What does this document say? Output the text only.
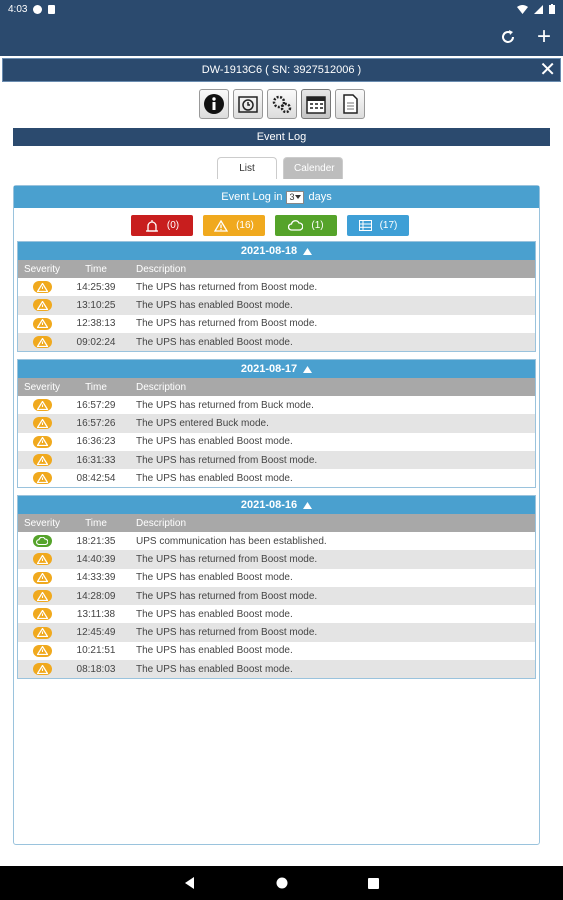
4:03
+
DW-1913C6 ( SN: 3927512006 )	✕
Event Log
List	Calender
Event Log in 3 days
(0)	(16)	(1)	(17)
2021-08-18
Severity	Time	Description
14:25:39	The UPS has returned from Boost mode.
13:10:25	The UPS has enabled Boost mode.
12:38:13	The UPS has returned from Boost mode.
09:02:24	The UPS has enabled Boost mode.
2021-08-17
Severity	Time	Description
16:57:29	The UPS has returned from Buck mode.
16:57:26	The UPS entered Buck mode.
16:36:23	The UPS has enabled Boost mode.
16:31:33	The UPS has returned from Boost mode.
08:42:54	The UPS has enabled Boost mode.
2021-08-16
Severity	Time	Description
18:21:35	UPS communication has been established.
14:40:39	The UPS has returned from Boost mode.
14:33:39	The UPS has enabled Boost mode.
14:28:09	The UPS has returned from Boost mode.
13:11:38	The UPS has enabled Boost mode.
12:45:49	The UPS has returned from Boost mode.
10:21:51	The UPS has enabled Boost mode.
08:18:03	The UPS has enabled Boost mode.
